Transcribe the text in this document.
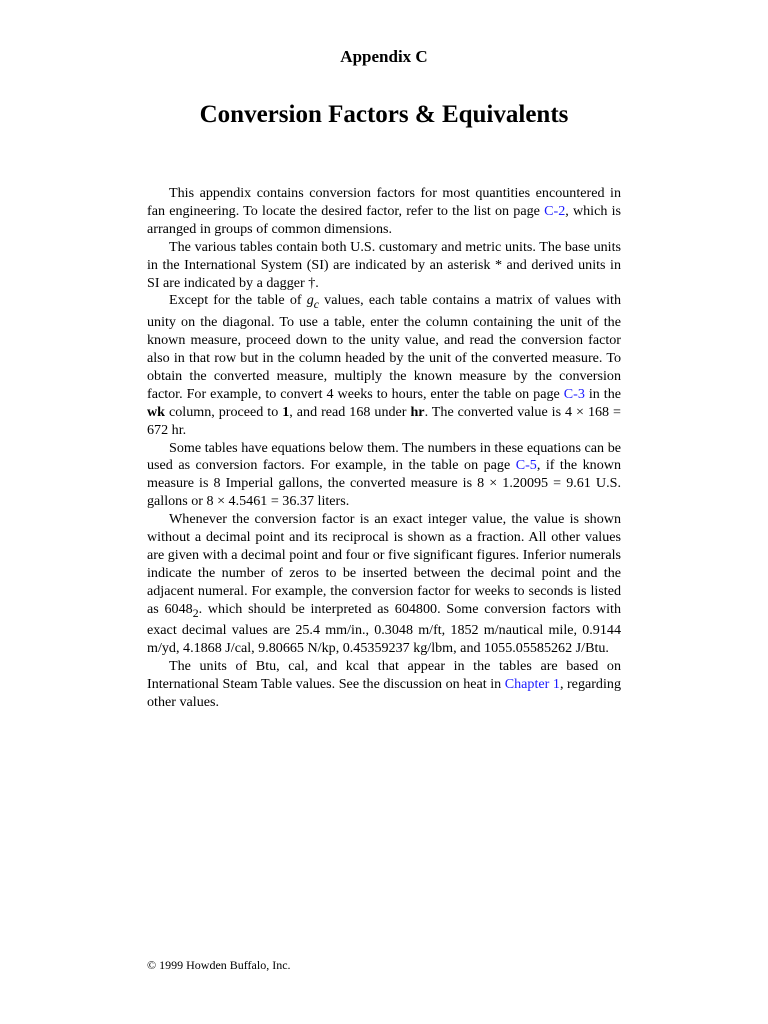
Appendix C
Conversion Factors & Equivalents

This appendix contains conversion factors for most quantities encountered in fan engineering. To locate the desired factor, refer to the list on page C-2, which is arranged in groups of common dimensions.

The various tables contain both U.S. customary and metric units. The base units in the International System (SI) are indicated by an asterisk * and derived units in SI are indicated by a dagger †.

Except for the table of $g_c$ values, each table contains a matrix of values with unity on the diagonal. To use a table, enter the column containing the unit of the known measure, proceed down to the unity value, and read the conversion factor also in that row but in the column headed by the unit of the converted measure. To obtain the converted measure, multiply the known measure by the conversion factor. For example, to convert 4 weeks to hours, enter the table on page C-3 in the wk column, proceed to 1, and read 168 under hr. The converted value is 4 × 168 = 672 hr.

Some tables have equations below them. The numbers in these equations can be used as conversion factors. For example, in the table on page C-5, if the known measure is 8 Imperial gallons, the converted measure is 8 × 1.20095 = 9.61 U.S. gallons or 8 × 4.5461 = 36.37 liters.

Whenever the conversion factor is an exact integer value, the value is shown without a decimal point and its reciprocal is shown as a fraction. All other values are given with a decimal point and four or five significant figures. Inferior numerals indicate the number of zeros to be inserted between the decimal point and the adjacent numeral. For example, the conversion factor for weeks to seconds is listed as $6048_2$. which should be interpreted as 604800. Some conversion factors with exact decimal values are 25.4 mm/in., 0.3048 m/ft, 1852 m/nautical mile, 0.9144 m/yd, 4.1868 J/cal, 9.80665 N/kp, 0.45359237 kg/lbm, and 1055.05585262 J/Btu.

The units of Btu, cal, and kcal that appear in the tables are based on International Steam Table values. See the discussion on heat in Chapter 1, regarding other values.

© 1999 Howden Buffalo, Inc.
